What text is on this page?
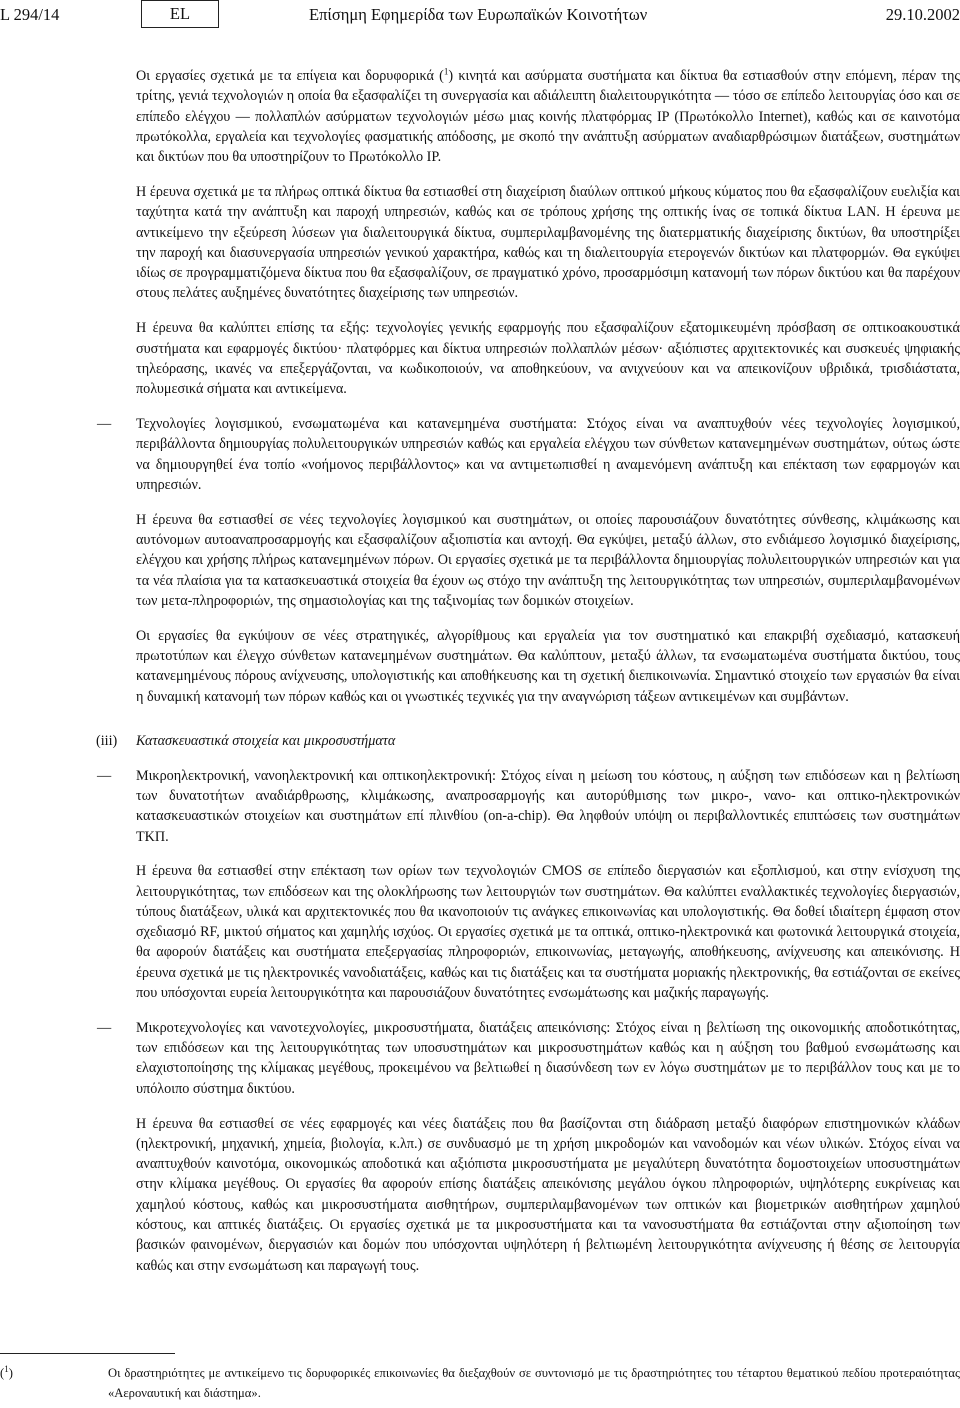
L 294/14	EL	Επίσημη Εφημερίδα των Ευρωπαϊκών Κοινοτήτων	29.10.2002

Οι εργασίες σχετικά με τα επίγεια και δορυφορικά ($^1$) κινητά και ασύρματα συστήματα και δίκτυα θα εστιασθούν στην επόμενη, πέραν της τρίτης, γενιά τεχνολογιών η οποία θα εξασφαλίζει τη συνεργασία και αδιάλειπτη διαλειτουργικότητα — τόσο σε επίπεδο λειτουργίας όσο και σε επίπεδο ελέγχου — πολλαπλών ασύρματων τεχνολογιών μέσω μιας κοινής πλατφόρμας IP (Πρωτόκολλο Internet), καθώς και σε καινοτόμα πρωτόκολλα, εργαλεία και τεχνολογίες φασματικής απόδοσης, με σκοπό την ανάπτυξη ασύρματων αναδιαρθρώσιμων διατάξεων, συστημάτων και δικτύων που θα υποστηρίζουν το Πρωτόκολλο IP.

Η έρευνα σχετικά με τα πλήρως οπτικά δίκτυα θα εστιασθεί στη διαχείριση διαύλων οπτικού μήκους κύματος που θα εξασφαλίζουν ευελιξία και ταχύτητα κατά την ανάπτυξη και παροχή υπηρεσιών, καθώς και σε τρόπους χρήσης της οπτικής ίνας σε τοπικά δίκτυα LAN. Η έρευνα με αντικείμενο την εξεύρεση λύσεων για διαλειτουργικά δίκτυα, συμπεριλαμβανομένης της διατερματικής διαχείρισης δικτύων, θα υποστηρίξει την παροχή και διασυνεργασία υπηρεσιών γενικού χαρακτήρα, καθώς και τη διαλειτουργία ετερογενών δικτύων και πλατφορμών. Θα εγκύψει ιδίως σε προγραμματιζόμενα δίκτυα που θα εξασφαλίζουν, σε πραγματικό χρόνο, προσαρμόσιμη κατανομή των πόρων δικτύου και θα παρέχουν στους πελάτες αυξημένες δυνατότητες διαχείρισης των υπηρεσιών.

Η έρευνα θα καλύπτει επίσης τα εξής: τεχνολογίες γενικής εφαρμογής που εξασφαλίζουν εξατομικευμένη πρόσβαση σε οπτικοακουστικά συστήματα και εφαρμογές δικτύου· πλατφόρμες και δίκτυα υπηρεσιών πολλαπλών μέσων· αξιόπιστες αρχιτεκτονικές και συσκευές ψηφιακής τηλεόρασης, ικανές να επεξεργάζονται, να κωδικοποιούν, να αποθηκεύουν, να ανιχνεύουν και να απεικονίζουν υβριδικά, τρισδιάστατα, πολυμεσικά σήματα και αντικείμενα.

— Τεχνολογίες λογισμικού, ενσωματωμένα και κατανεμημένα συστήματα: Στόχος είναι να αναπτυχθούν νέες τεχνολογίες λογισμικού, περιβάλλοντα δημιουργίας πολυλειτουργικών υπηρεσιών καθώς και εργαλεία ελέγχου των σύνθετων κατανεμημένων συστημάτων, ούτως ώστε να δημιουργηθεί ένα τοπίο «νοήμονος περιβάλλοντος» και να αντιμετωπισθεί η αναμενόμενη ανάπτυξη και επέκταση των εφαρμογών και υπηρεσιών.

Η έρευνα θα εστιασθεί σε νέες τεχνολογίες λογισμικού και συστημάτων, οι οποίες παρουσιάζουν δυνατότητες σύνθεσης, κλιμάκωσης και αυτόνομων αυτοαναπροσαρμογής και εξασφαλίζουν αξιοπιστία και αντοχή. Θα εγκύψει, μεταξύ άλλων, στο ενδιάμεσο λογισμικό διαχείρισης, ελέγχου και χρήσης πλήρως κατανεμημένων πόρων. Οι εργασίες σχετικά με τα περιβάλλοντα δημιουργίας πολυλειτουργικών υπηρεσιών και για τα νέα πλαίσια για τα κατασκευαστικά στοιχεία θα έχουν ως στόχο την ανάπτυξη της λειτουργικότητας των υπηρεσιών, συμπεριλαμβανομένων των μετα-πληροφοριών, της σημασιολογίας και της ταξινομίας των δομικών στοιχείων.

Οι εργασίες θα εγκύψουν σε νέες στρατηγικές, αλγορίθμους και εργαλεία για τον συστηματικό και επακριβή σχεδιασμό, κατασκευή πρωτοτύπων και έλεγχο σύνθετων κατανεμημένων συστημάτων. Θα καλύπτουν, μεταξύ άλλων, τα ενσωματωμένα συστήματα δικτύου, τους κατανεμημένους πόρους ανίχνευσης, υπολογιστικής και αποθήκευσης και τη σχετική διεπικοινωνία. Σημαντικό στοιχείο των εργασιών θα είναι η δυναμική κατανομή των πόρων καθώς και οι γνωστικές τεχνικές για την αναγνώριση τάξεων αντικειμένων και συμβάντων.

(iii) Κατασκευαστικά στοιχεία και μικροσυστήματα

— Μικροηλεκτρονική, νανοηλεκτρονική και οπτικοηλεκτρονική: Στόχος είναι η μείωση του κόστους, η αύξηση των επιδόσεων και η βελτίωση των δυνατοτήτων αναδιάρθρωσης, κλιμάκωσης, αναπροσαρμογής και αυτορύθμισης των μικρο-, νανο- και οπτικο-ηλεκτρονικών κατασκευαστικών στοιχείων και συστημάτων επί πλινθίου (on-a-chip). Θα ληφθούν υπόψη οι περιβαλλοντικές επιπτώσεις των συστημάτων ΤΚΠ.

Η έρευνα θα εστιασθεί στην επέκταση των ορίων των τεχνολογιών CMOS σε επίπεδο διεργασιών και εξοπλισμού, και στην ενίσχυση της λειτουργικότητας, των επιδόσεων και της ολοκλήρωσης των λειτουργιών των συστημάτων. Θα καλύπτει εναλλακτικές τεχνολογίες διεργασιών, τύπους διατάξεων, υλικά και αρχιτεκτονικές που θα ικανοποιούν τις ανάγκες επικοινωνίας και υπολογιστικής. Θα δοθεί ιδιαίτερη έμφαση στον σχεδιασμό RF, μικτού σήματος και χαμηλής ισχύος. Οι εργασίες σχετικά με τα οπτικά, οπτικο-ηλεκτρονικά και φωτονικά λειτουργικά στοιχεία, θα αφορούν διατάξεις και συστήματα επεξεργασίας πληροφοριών, επικοινωνίας, μεταγωγής, αποθήκευσης, ανίχνευσης και απεικόνισης. Η έρευνα σχετικά με τις ηλεκτρονικές νανοδιατάξεις, καθώς και τις διατάξεις και τα συστήματα μοριακής ηλεκτρονικής, θα εστιάζονται σε εκείνες που υπόσχονται ευρεία λειτουργικότητα και παρουσιάζουν δυνατότητες ενσωμάτωσης και μαζικής παραγωγής.

— Μικροτεχνολογίες και νανοτεχνολογίες, μικροσυστήματα, διατάξεις απεικόνισης: Στόχος είναι η βελτίωση της οικονομικής αποδοτικότητας, των επιδόσεων και της λειτουργικότητας των υποσυστημάτων και μικροσυστημάτων καθώς και η αύξηση του βαθμού ενσωμάτωσης και ελαχιστοποίησης της κλίμακας μεγέθους, προκειμένου να βελτιωθεί η διασύνδεση των εν λόγω συστημάτων με το περιβάλλον τους και με το υπόλοιπο σύστημα δικτύου.

Η έρευνα θα εστιασθεί σε νέες εφαρμογές και νέες διατάξεις που θα βασίζονται στη διάδραση μεταξύ διαφόρων επιστημονικών κλάδων (ηλεκτρονική, μηχανική, χημεία, βιολογία, κ.λπ.) σε συνδυασμό με τη χρήση μικροδομών και νανοδομών και νέων υλικών. Στόχος είναι να αναπτυχθούν καινοτόμα, οικονομικώς αποδοτικά και αξιόπιστα μικροσυστήματα με μεγαλύτερη δυνατότητα δομοστοιχείων υποσυστημάτων στην κλίμακα μεγέθους. Οι εργασίες θα αφορούν επίσης διατάξεις απεικόνισης μεγάλου όγκου πληροφοριών, υψηλότερης ευκρίνειας και χαμηλού κόστους, καθώς και μικροσυστήματα αισθητήρων, συμπεριλαμβανομένων των οπτικών και βιομετρικών αισθητήρων χαμηλού κόστους, και απτικές διατάξεις. Οι εργασίες σχετικά με τα μικροσυστήματα και τα νανοσυστήματα θα εστιάζονται στην αξιοποίηση των βασικών φαινομένων, διεργασιών και δομών που υπόσχονται υψηλότερη ή βελτιωμένη λειτουργικότητα ανίχνευσης ή θέσης σε λειτουργία καθώς και στην ενσωμάτωση και παραγωγή τους.

($^1$)	Οι δραστηριότητες με αντικείμενο τις δορυφορικές επικοινωνίες θα διεξαχθούν σε συντονισμό με τις δραστηριότητες του τέταρτου θεματικού πεδίου προτεραιότητας «Αεροναυτική και διάστημα».
